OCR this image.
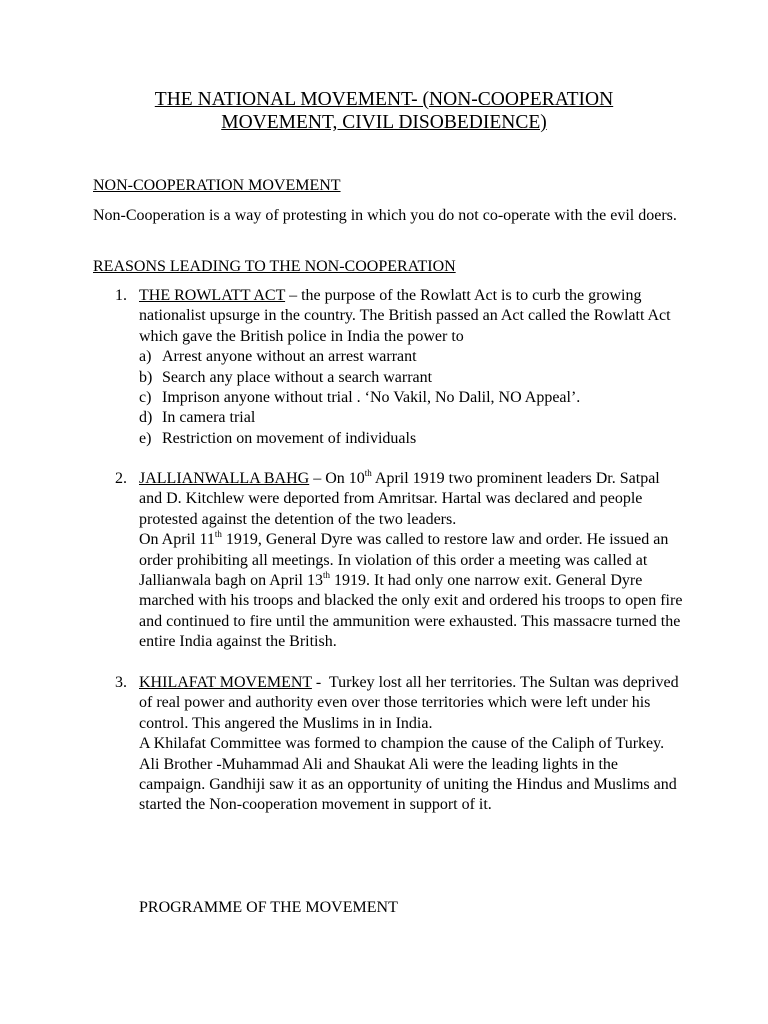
THE NATIONAL MOVEMENT- (NON-COOPERATION
MOVEMENT, CIVIL DISOBEDIENCE)
NON-COOPERATION MOVEMENT
Non-Cooperation is a way of protesting in which you do not co-operate with the evil doers.
REASONS LEADING TO THE NON-COOPERATION
1. THE ROWLATT ACT – the purpose of the Rowlatt Act is to curb the growing nationalist upsurge in the country. The British passed an Act called the Rowlatt Act which gave the British police in India the power to
a) Arrest anyone without an arrest warrant
b) Search any place without a search warrant
c) Imprison anyone without trial . ‘No Vakil, No Dalil, NO Appeal’.
d) In camera trial
e) Restriction on movement of individuals
2. JALLIANWALLA BAHG – On 10th April 1919 two prominent leaders Dr. Satpal and D. Kitchlew were deported from Amritsar. Hartal was declared and people protested against the detention of the two leaders.
On April 11th 1919, General Dyre was called to restore law and order. He issued an order prohibiting all meetings. In violation of this order a meeting was called at Jallianwala bagh on April 13th 1919. It had only one narrow exit. General Dyre marched with his troops and blacked the only exit and ordered his troops to open fire and continued to fire until the ammunition were exhausted. This massacre turned the entire India against the British.
3. KHILAFAT MOVEMENT -  Turkey lost all her territories. The Sultan was deprived of real power and authority even over those territories which were left under his control. This angered the Muslims in in India.
A Khilafat Committee was formed to champion the cause of the Caliph of Turkey. Ali Brother -Muhammad Ali and Shaukat Ali were the leading lights in the campaign. Gandhiji saw it as an opportunity of uniting the Hindus and Muslims and started the Non-cooperation movement in support of it.
PROGRAMME OF THE MOVEMENT
